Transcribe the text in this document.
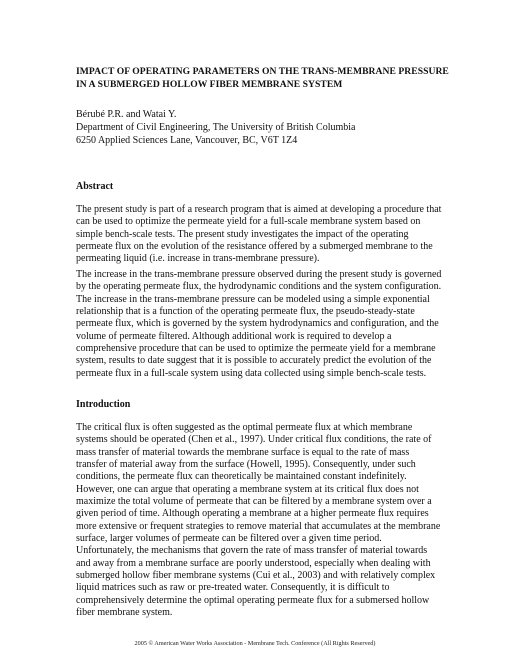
IMPACT OF OPERATING PARAMETERS ON THE TRANS-MEMBRANE PRESSURE IN A SUBMERGED HOLLOW FIBER MEMBRANE SYSTEM
Bérubé P.R. and Watai Y.
Department of Civil Engineering, The University of British Columbia
6250 Applied Sciences Lane, Vancouver, BC, V6T 1Z4
Abstract

The present study is part of a research program that is aimed at developing a procedure that can be used to optimize the permeate yield for a full-scale membrane system based on simple bench-scale tests. The present study investigates the impact of the operating permeate flux on the evolution of the resistance offered by a submerged membrane to the permeating liquid (i.e. increase in trans-membrane pressure).

The increase in the trans-membrane pressure observed during the present study is governed by the operating permeate flux, the hydrodynamic conditions and the system configuration. The increase in the trans-membrane pressure can be modeled using a simple exponential relationship that is a function of the operating permeate flux, the pseudo-steady-state permeate flux, which is governed by the system hydrodynamics and configuration, and the volume of permeate filtered. Although additional work is required to develop a comprehensive procedure that can be used to optimize the permeate yield for a membrane system, results to date suggest that it is possible to accurately predict the evolution of the permeate flux in a full-scale system using data collected using simple bench-scale tests.

Introduction

The critical flux is often suggested as the optimal permeate flux at which membrane systems should be operated (Chen et al., 1997). Under critical flux conditions, the rate of mass transfer of material towards the membrane surface is equal to the rate of mass transfer of material away from the surface (Howell, 1995). Consequently, under such conditions, the permeate flux can theoretically be maintained constant indefinitely. However, one can argue that operating a membrane system at its critical flux does not maximize the total volume of permeate that can be filtered by a membrane system over a given period of time. Although operating a membrane at a higher permeate flux requires more extensive or frequent strategies to remove material that accumulates at the membrane surface, larger volumes of permeate can be filtered over a given time period. Unfortunately, the mechanisms that govern the rate of mass transfer of material towards and away from a membrane surface are poorly understood, especially when dealing with submerged hollow fiber membrane systems (Cui et al., 2003) and with relatively complex liquid matrices such as raw or pre-treated water. Consequently, it is difficult to comprehensively determine the optimal operating permeate flux for a submersed hollow fiber membrane system.

2005 © American Water Works Association - Membrane Tech. Conference (All Rights Reserved)
